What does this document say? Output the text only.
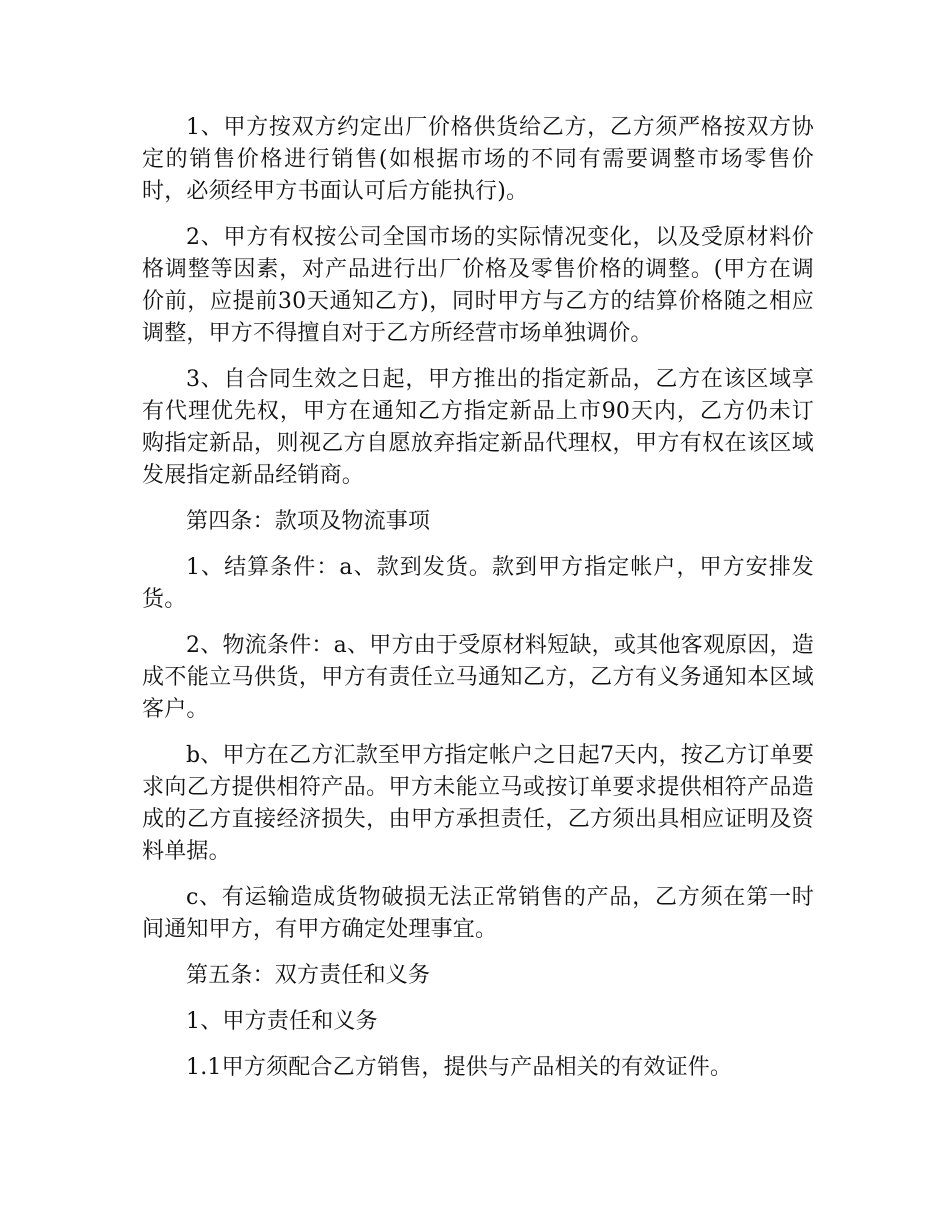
1、甲方按双方约定出厂价格供货给乙方，乙方须严格按双方协定的销售价格进行销售(如根据市场的不同有需要调整市场零售价时，必须经甲方书面认可后方能执行)。

2、甲方有权按公司全国市场的实际情况变化，以及受原材料价格调整等因素，对产品进行出厂价格及零售价格的调整。(甲方在调价前，应提前30天通知乙方)，同时甲方与乙方的结算价格随之相应调整，甲方不得擅自对于乙方所经营市场单独调价。

3、自合同生效之日起，甲方推出的指定新品，乙方在该区域享有代理优先权，甲方在通知乙方指定新品上市90天内，乙方仍未订购指定新品，则视乙方自愿放弃指定新品代理权，甲方有权在该区域发展指定新品经销商。

第四条：款项及物流事项

1、结算条件：a、款到发货。款到甲方指定帐户，甲方安排发货。

2、物流条件：a、甲方由于受原材料短缺，或其他客观原因，造成不能立马供货，甲方有责任立马通知乙方，乙方有义务通知本区域客户。

b、甲方在乙方汇款至甲方指定帐户之日起7天内，按乙方订单要求向乙方提供相符产品。甲方未能立马或按订单要求提供相符产品造成的乙方直接经济损失，由甲方承担责任，乙方须出具相应证明及资料单据。

c、有运输造成货物破损无法正常销售的产品，乙方须在第一时间通知甲方，有甲方确定处理事宜。

第五条：双方责任和义务

1、甲方责任和义务

1.1甲方须配合乙方销售，提供与产品相关的有效证件。
